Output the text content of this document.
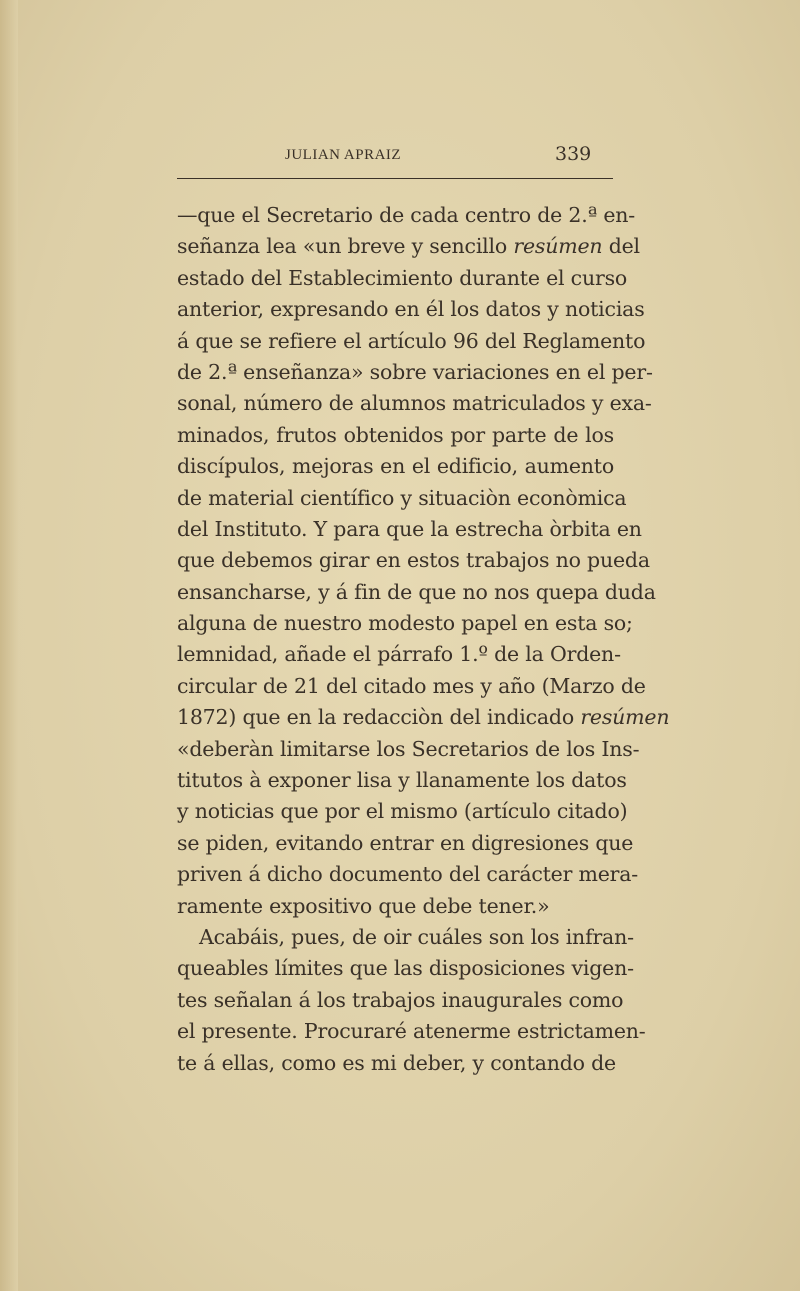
JULIAN APRAIZ	339
—que el Secretario de cada centro de 2.ª en-
señanza lea «un breve y sencillo resúmen del
estado del Establecimiento durante el curso
anterior, expresando en él los datos y noticias
á que se refiere el artículo 96 del Reglamento
de 2.ª enseñanza» sobre variaciones en el per-
sonal, número de alumnos matriculados y exa-
minados, frutos obtenidos por parte de los
discípulos, mejoras en el edificio, aumento
de material científico y situaciòn econòmica
del Instituto. Y para que la estrecha òrbita en
que debemos girar en estos trabajos no pueda
ensancharse, y á fin de que no nos quepa duda
alguna de nuestro modesto papel en esta so;
lemnidad, añade el párrafo 1.º de la Orden-
circular de 21 del citado mes y año (Marzo de
1872) que en la redacciòn del indicado resúmen
«deberàn limitarse los Secretarios de los Ins-
titutos à exponer lisa y llanamente los datos
y noticias que por el mismo (artículo citado)
se piden, evitando entrar en digresiones que
priven á dicho documento del carácter mera-
ramente expositivo que debe tener.»
Acabáis, pues, de oir cuáles son los infran-
queables límites que las disposiciones vigen-
tes señalan á los trabajos inaugurales como
el presente. Procuraré atenerme estrictamen-
te á ellas, como es mi deber, y contando de
